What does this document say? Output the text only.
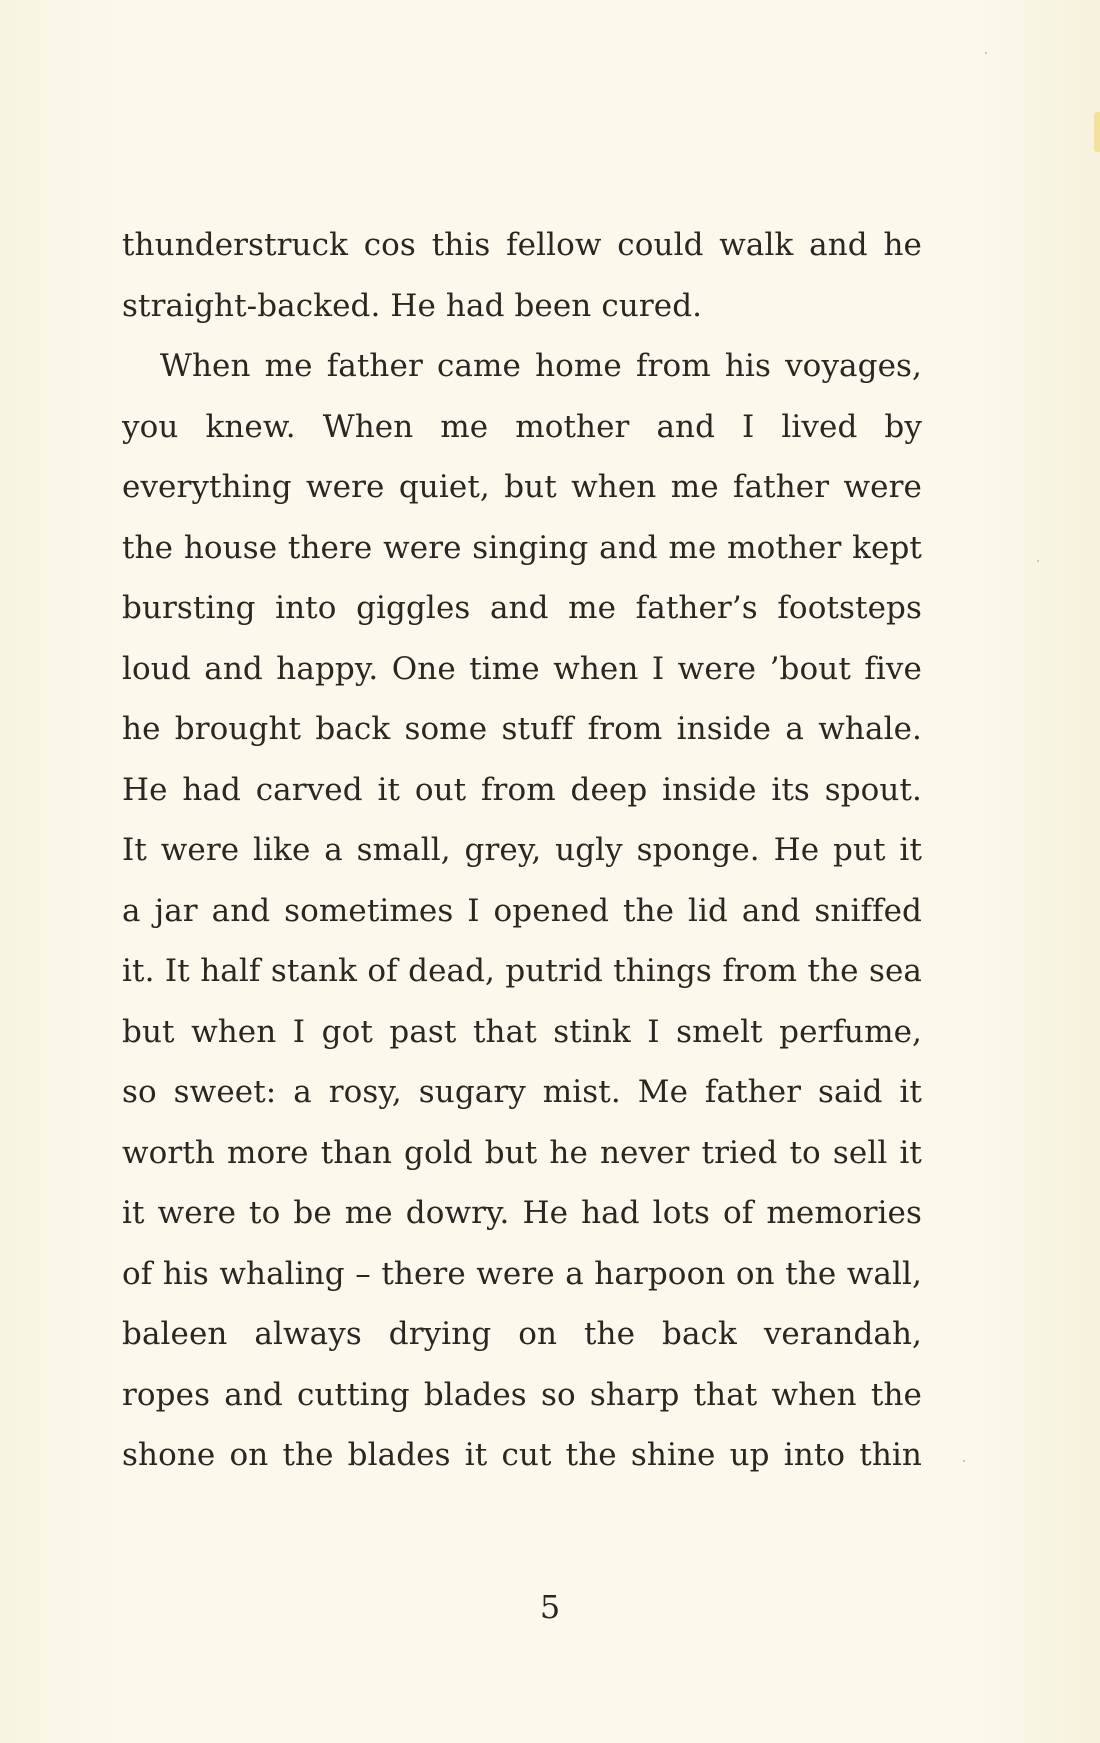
thunderstruck cos this fellow could walk and he
straight-backed. He had been cured.
When me father came home from his voyages,
you knew. When me mother and I lived by
everything were quiet, but when me father were
the house there were singing and me mother kept
bursting into giggles and me father’s footsteps
loud and happy. One time when I were ’bout five
he brought back some stuff from inside a whale.
He had carved it out from deep inside its spout.
It were like a small, grey, ugly sponge. He put it
a jar and sometimes I opened the lid and sniffed
it. It half stank of dead, putrid things from the sea
but when I got past that stink I smelt perfume,
so sweet: a rosy, sugary mist. Me father said it
worth more than gold but he never tried to sell it
it were to be me dowry. He had lots of memories
of his whaling – there were a harpoon on the wall,
baleen always drying on the back verandah,
ropes and cutting blades so sharp that when the
shone on the blades it cut the shine up into thin
5
